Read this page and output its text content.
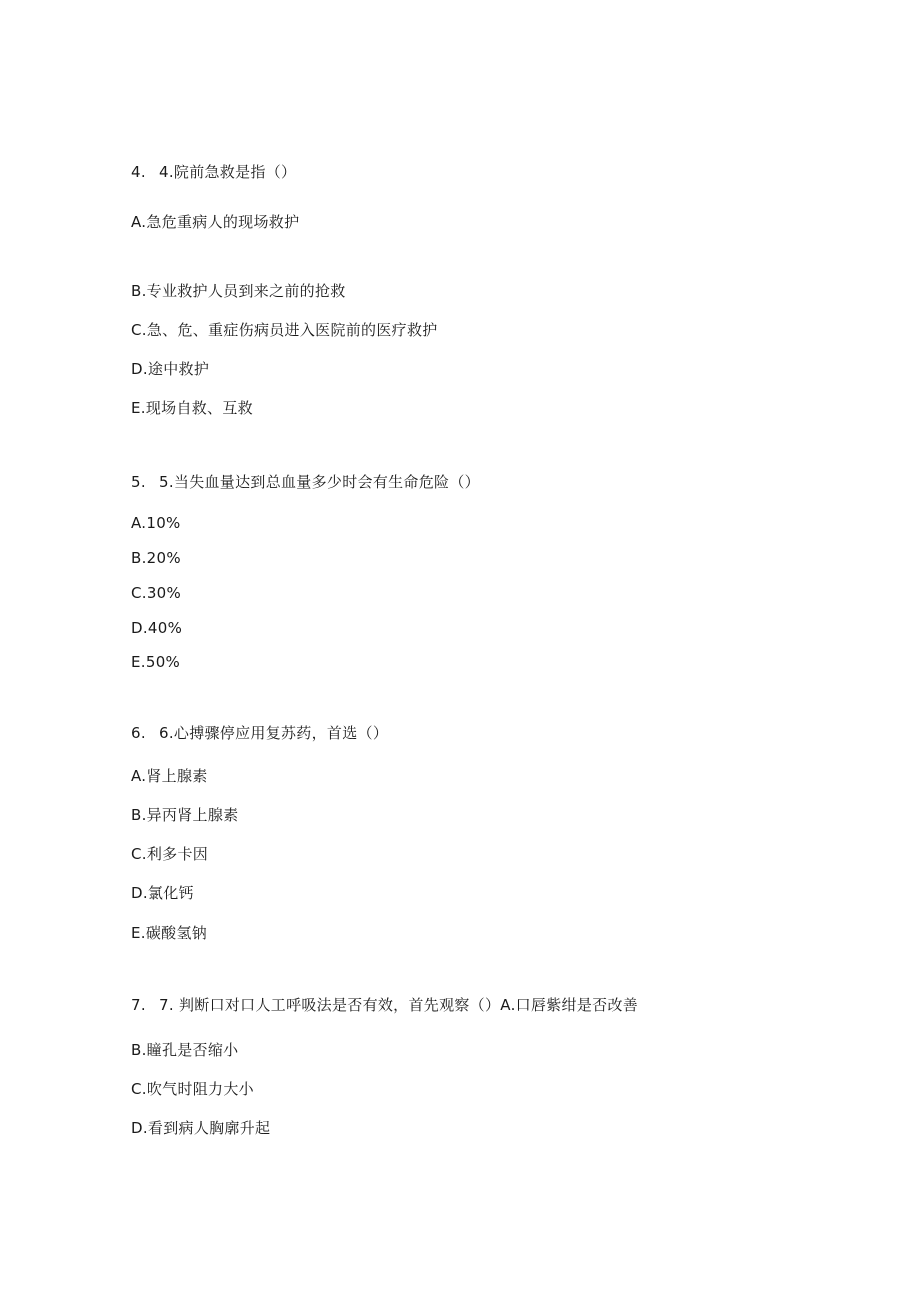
4. 4.院前急救是指（）
A.急危重病人的现场救护
B.专业救护人员到来之前的抢救
C.急、危、重症伤病员进入医院前的医疗救护
D.途中救护
E.现场自救、互救
5. 5.当失血量达到总血量多少时会有生命危险（）
A.10%
B.20%
C.30%
D.40%
E.50%
6. 6.心搏骤停应用复苏药，首选（）
A.肾上腺素
B.异丙肾上腺素
C.利多卡因
D.氯化钙
E.碳酸氢钠
7. 7. 判断口对口人工呼吸法是否有效，首先观察（）A.口唇紫绀是否改善
B.瞳孔是否缩小
C.吹气时阻力大小
D.看到病人胸廓升起
